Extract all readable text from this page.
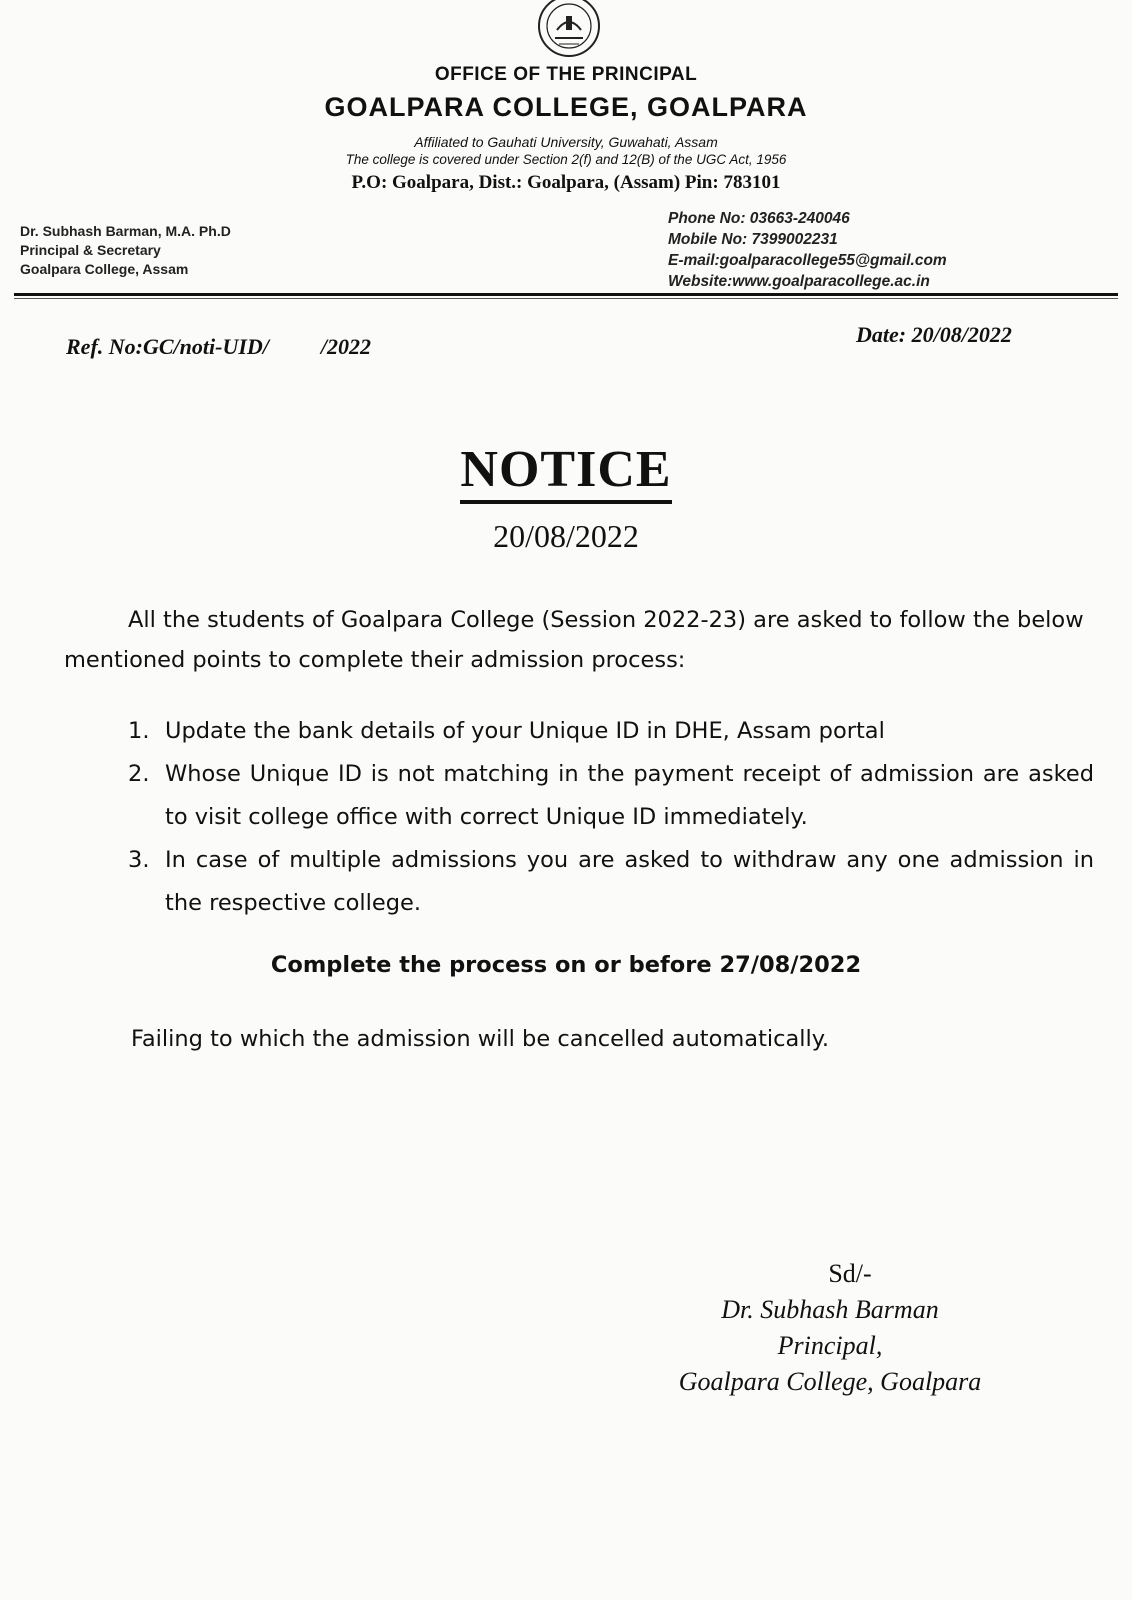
OFFICE OF THE PRINCIPAL
GOALPARA COLLEGE, GOALPARA
Affiliated to Gauhati University, Guwahati, Assam
The college is covered under Section 2(f) and 12(B) of the UGC Act, 1956
P.O: Goalpara, Dist.: Goalpara, (Assam) Pin: 783101
Dr. Subhash Barman, M.A. Ph.D
Principal & Secretary
Goalpara College, Assam
Phone No: 03663-240046
Mobile No: 7399002231
E-mail:goalparacollege55@gmail.com
Website:www.goalparacollege.ac.in
Ref. No:GC/noti-UID/ /2022	Date: 20/08/2022
NOTICE
20/08/2022
All the students of Goalpara College (Session 2022-23) are asked to follow the below mentioned points to complete their admission process:
1. Update the bank details of your Unique ID in DHE, Assam portal
2. Whose Unique ID is not matching in the payment receipt of admission are asked to visit college office with correct Unique ID immediately.
3. In case of multiple admissions you are asked to withdraw any one admission in the respective college.
Complete the process on or before 27/08/2022
Failing to which the admission will be cancelled automatically.
Sd/-
Dr. Subhash Barman
Principal,
Goalpara College, Goalpara
